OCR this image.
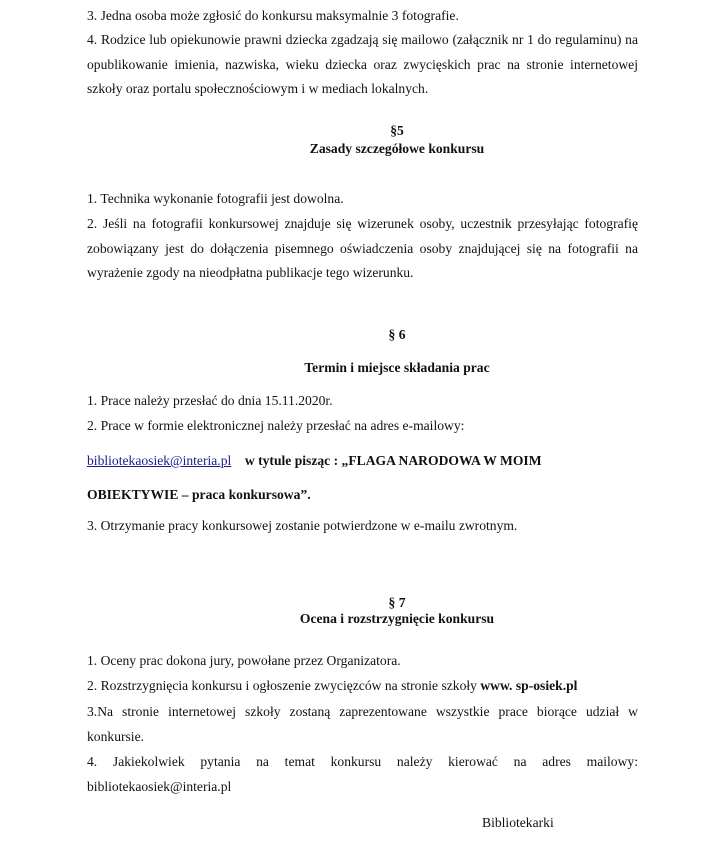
3. Jedna osoba może zgłosić do konkursu maksymalnie 3 fotografie.

4. Rodzice lub opiekunowie prawni dziecka zgadzają się mailowo (załącznik nr 1 do regulaminu) na opublikowanie imienia, nazwiska, wieku dziecka oraz zwycięskich prac na stronie internetowej szkoły oraz portalu społecznościowym i w mediach lokalnych.

§5

Zasady szczegółowe konkursu

1. Technika wykonanie fotografii jest dowolna.

2. Jeśli na fotografii konkursowej znajduje się wizerunek osoby, uczestnik przesyłając fotografię zobowiązany jest do dołączenia pisemnego oświadczenia osoby znajdującej się na fotografii na wyrażenie zgody na nieodpłatna publikacje tego wizerunku.

§ 6

Termin i miejsce składania prac

1. Prace należy przesłać do dnia 15.11.2020r.

2. Prace w formie elektronicznej należy przesłać na adres e-mailowy:

bibliotekaosiek@interia.pl w tytule pisząc : „FLAGA NARODOWA W MOIM

OBIEKTYWIE – praca konkursowa”.

3. Otrzymanie pracy konkursowej zostanie potwierdzone w e-mailu zwrotnym.

§ 7

Ocena i rozstrzygnięcie konkursu

1. Oceny prac dokona jury, powołane przez Organizatora.

2. Rozstrzygnięcia konkursu i ogłoszenie zwycięzców na stronie szkoły www. sp-osiek.pl

3.Na stronie internetowej szkoły zostaną zaprezentowane wszystkie prace biorące udział w konkursie.

4. Jakiekolwiek pytania na temat konkursu należy kierować na adres mailowy: bibliotekaosiek@interia.pl

Bibliotekarki
